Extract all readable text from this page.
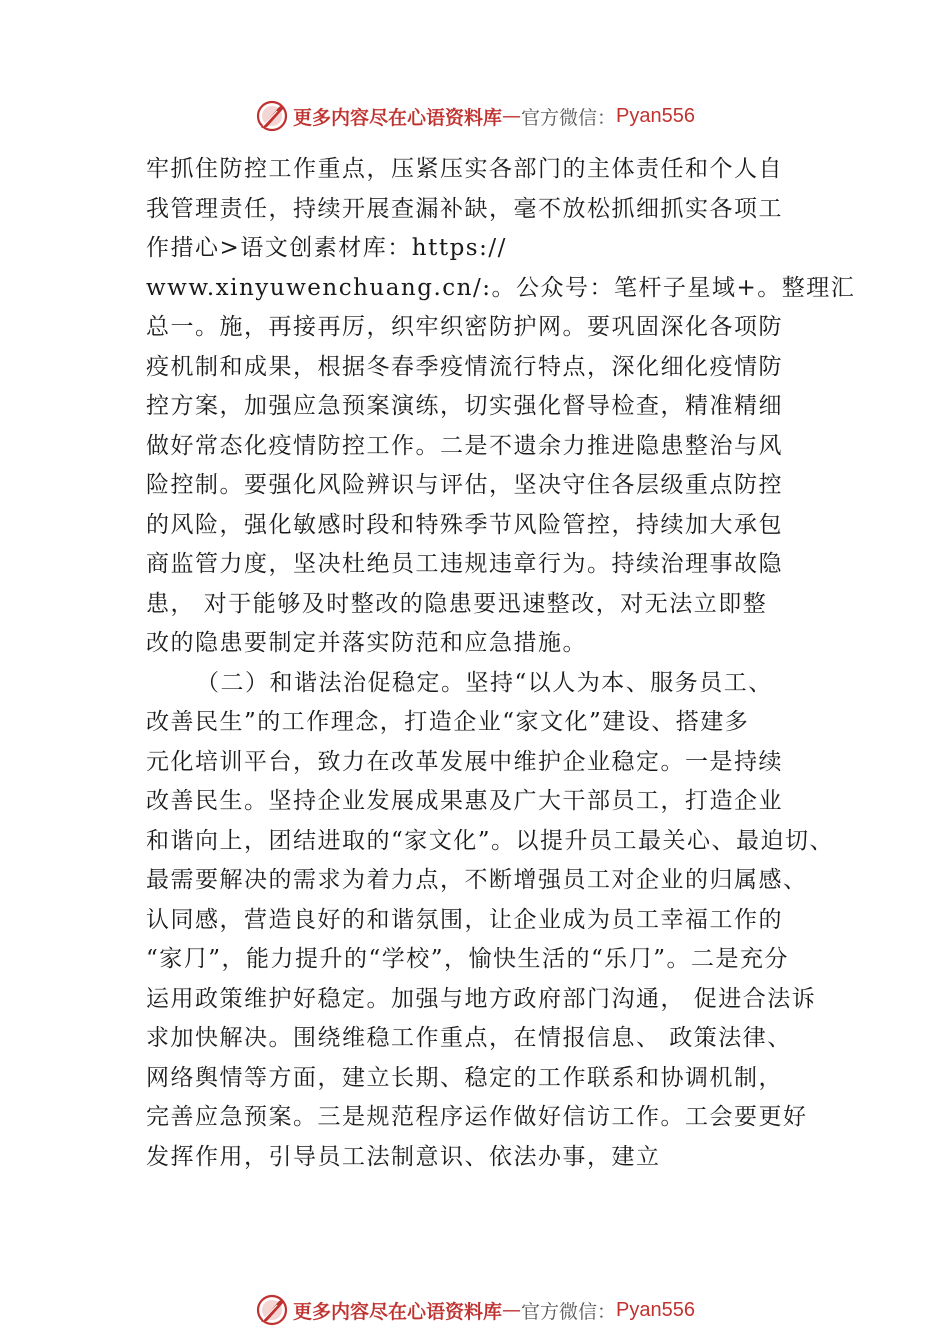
更多内容尽在心语资料库 — 官方微信： Pyan556
牢抓住防控工作重点，压紧压实各部门的主体责任和个人自
我管理责任，持续开展查漏补缺，毫不放松抓细抓实各项工
作措心>语文创素材库：https://
www.xinyuwenchuang.cn/:。公众号：笔杆子星域+。整理汇
总一。施，再接再厉，织牢织密防护网。要巩固深化各项防
疫机制和成果，根据冬春季疫情流行特点，深化细化疫情防
控方案，加强应急预案演练，切实强化督导检查，精准精细
做好常态化疫情防控工作。二是不遗余力推进隐患整治与风
险控制。要强化风险辨识与评估，坚决守住各层级重点防控
的风险，强化敏感时段和特殊季节风险管控，持续加大承包
商监管力度，坚决杜绝员工违规违章行为。持续治理事故隐
患， 对于能够及时整改的隐患要迅速整改，对无法立即整
改的隐患要制定并落实防范和应急措施。
（二）和谐法治促稳定。坚持“以人为本、服务员工、
改善民生”的工作理念，打造企业“家文化”建设、搭建多
元化培训平台，致力在改革发展中维护企业稳定。一是持续
改善民生。坚持企业发展成果惠及广大干部员工，打造企业
和谐向上，团结进取的“家文化”。以提升员工最关心、最迫切、
最需要解决的需求为着力点，不断增强员工对企业的归属感、
认同感，营造良好的和谐氛围，让企业成为员工幸福工作的
“家⺆”，能力提升的“学校”，愉快生活的“乐⺆”。二是充分
运用政策维护好稳定。加强与地方政府部门沟通， 促进合法诉
求加快解决。围绕维稳工作重点，在情报信息、 政策法律、
网络舆情等方面，建立长期、稳定的工作联系和协调机制，
完善应急预案。三是规范程序运作做好信访工作。工会要更好
发挥作用，引导员工法制意识、依法办事，建立
更多内容尽在心语资料库 — 官方微信： Pyan556
